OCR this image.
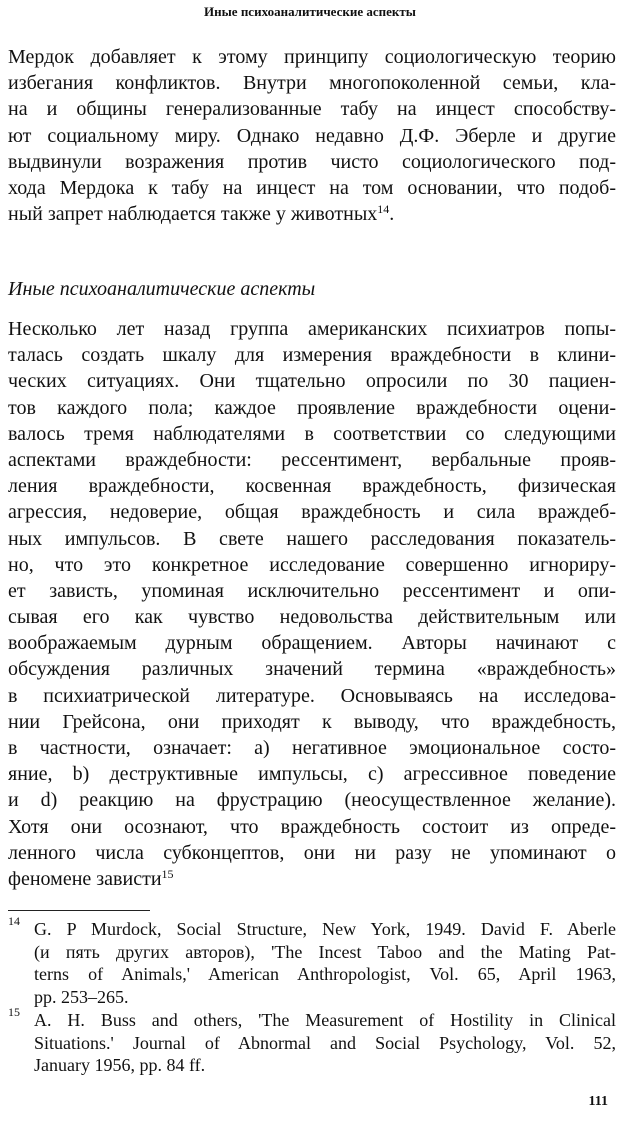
Иные психоаналитические аспекты

Мердок добавляет к этому принципу социологическую теорию
избегания конфликтов. Внутри многопоколенной семьи, кла-
на и общины генерализованные табу на инцест способству-
ют социальному миру. Однако недавно Д.Ф. Эберле и другие
выдвинули возражения против чисто социологического под-
хода Мердока к табу на инцест на том основании, что подоб-
ный запрет наблюдается также у животных$^{14}$.

Иные психоаналитические аспекты

Несколько лет назад группа американских психиатров попы-
талась создать шкалу для измерения враждебности в клини-
ческих ситуациях. Они тщательно опросили по 30 пациен-
тов каждого пола; каждое проявление враждебности оцени-
валось тремя наблюдателями в соответствии со следующими
аспектами враждебности: рессентимент, вербальные прояв-
ления враждебности, косвенная враждебность, физическая
агрессия, недоверие, общая враждебность и сила враждеб-
ных импульсов. В свете нашего расследования показатель-
но, что это конкретное исследование совершенно игнориру-
ет зависть, упоминая исключительно рессентимент и опи-
сывая его как чувство недовольства действительным или
воображаемым дурным обращением. Авторы начинают с
обсуждения различных значений термина «враждебность»
в психиатрической литературе. Основываясь на исследова-
нии Грейсона, они приходят к выводу, что враждебность,
в частности, означает: а) негативное эмоциональное состо-
яние, b) деструктивные импульсы, с) агрессивное поведение
и d) реакцию на фрустрацию (неосуществленное желание).
Хотя они осознают, что враждебность состоит из опреде-
ленного числа субконцептов, они ни разу не упоминают о
феномене зависти$^{15}$

14 G. P Murdock, Social Structure, New York, 1949. David F. Aberle
(и пять других авторов), 'The Incest Taboo and the Mating Pat-
terns of Animals,' American Anthropologist, Vol. 65, April 1963,
pp. 253–265.
15 A. H. Buss and others, 'The Measurement of Hostility in Clinical
Situations.' Journal of Abnormal and Social Psychology, Vol. 52,
January 1956, pp. 84 ff.
111
